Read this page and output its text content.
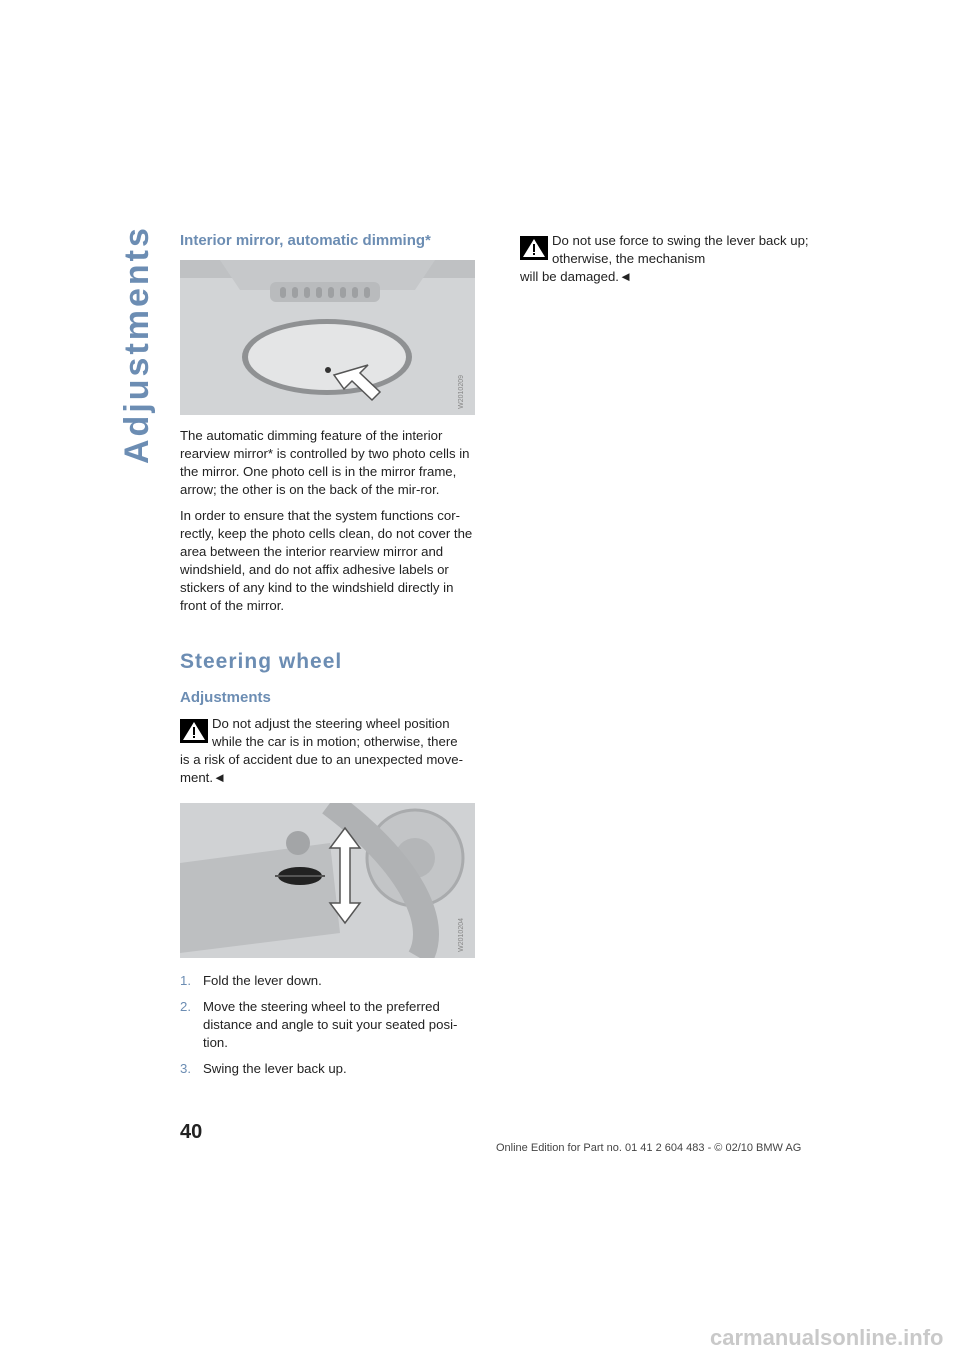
Adjustments Interior mirror, automatic dimming*
W2010209

The automatic dimming feature of the interior rearview mirror* is controlled by two photo cells in the mirror. One photo cell is in the mirror frame, arrow; the other is on the back of the mir-ror.

In order to ensure that the system functions cor-rectly, keep the photo cells clean, do not cover the area between the interior rearview mirror and windshield, and do not affix adhesive labels or stickers of any kind to the windshield directly in front of the mirror.

Steering wheel
Adjustments
Do not adjust the steering wheel position while the car is in motion; otherwise, there
is a risk of accident due to an unexpected move-ment.◄
W2010204
1. Fold the lever down.
2. Move the steering wheel to the preferred distance and angle to suit your seated posi-tion.
3. Swing the lever back up.
Do not use force to swing the lever back up; otherwise, the mechanism
will be damaged.◄
40
Online Edition for Part no. 01 41 2 604 483 - © 02/10 BMW AG
carmanualsonline.info
